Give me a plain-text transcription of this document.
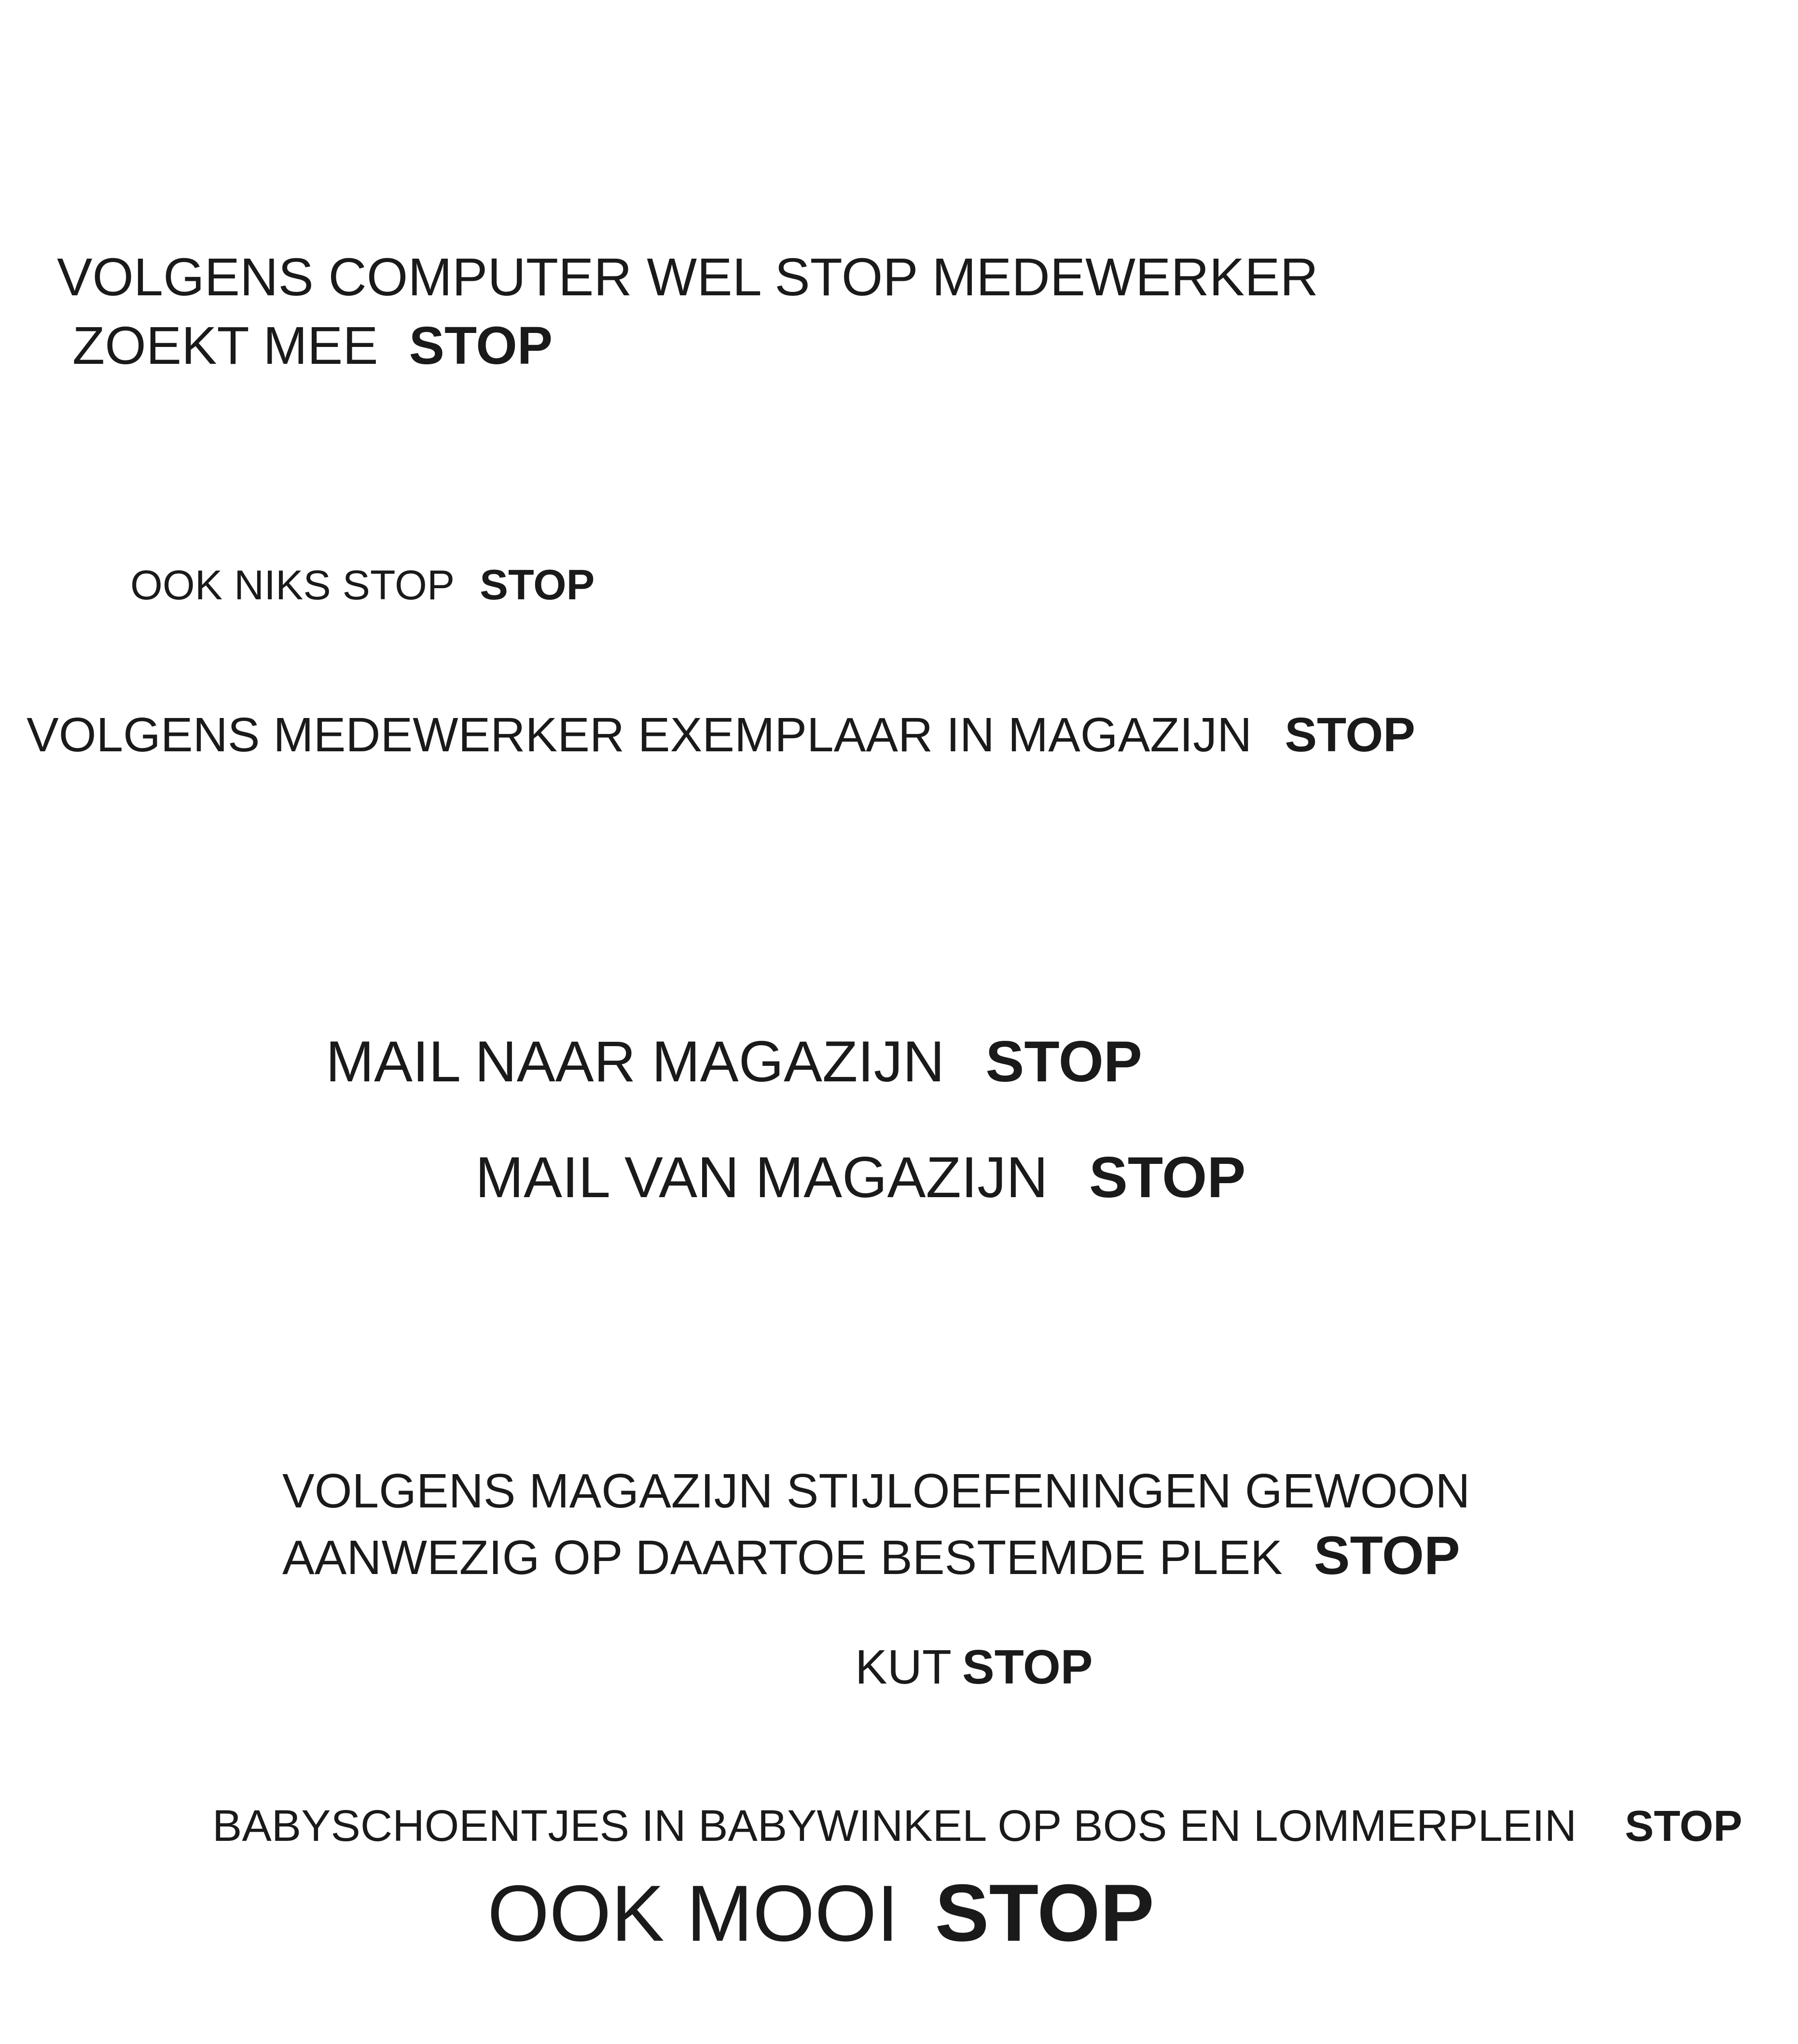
VOLGENS COMPUTER WEL STOP MEDEWERKER

ZOEKT MEE STOP

OOK NIKS STOP STOP

VOLGENS MEDEWERKER EXEMPLAAR IN MAGAZIJN STOP

MAIL NAAR MAGAZIJN STOP

MAIL VAN MAGAZIJN STOP

VOLGENS MAGAZIJN STIJLOEFENINGEN GEWOON

AANWEZIG OP DAARTOE BESTEMDE PLEK STOP

KUT STOP

BABYSCHOENTJES IN BABYWINKEL OP BOS EN LOMMERPLEIN STOP

OOK MOOI STOP
